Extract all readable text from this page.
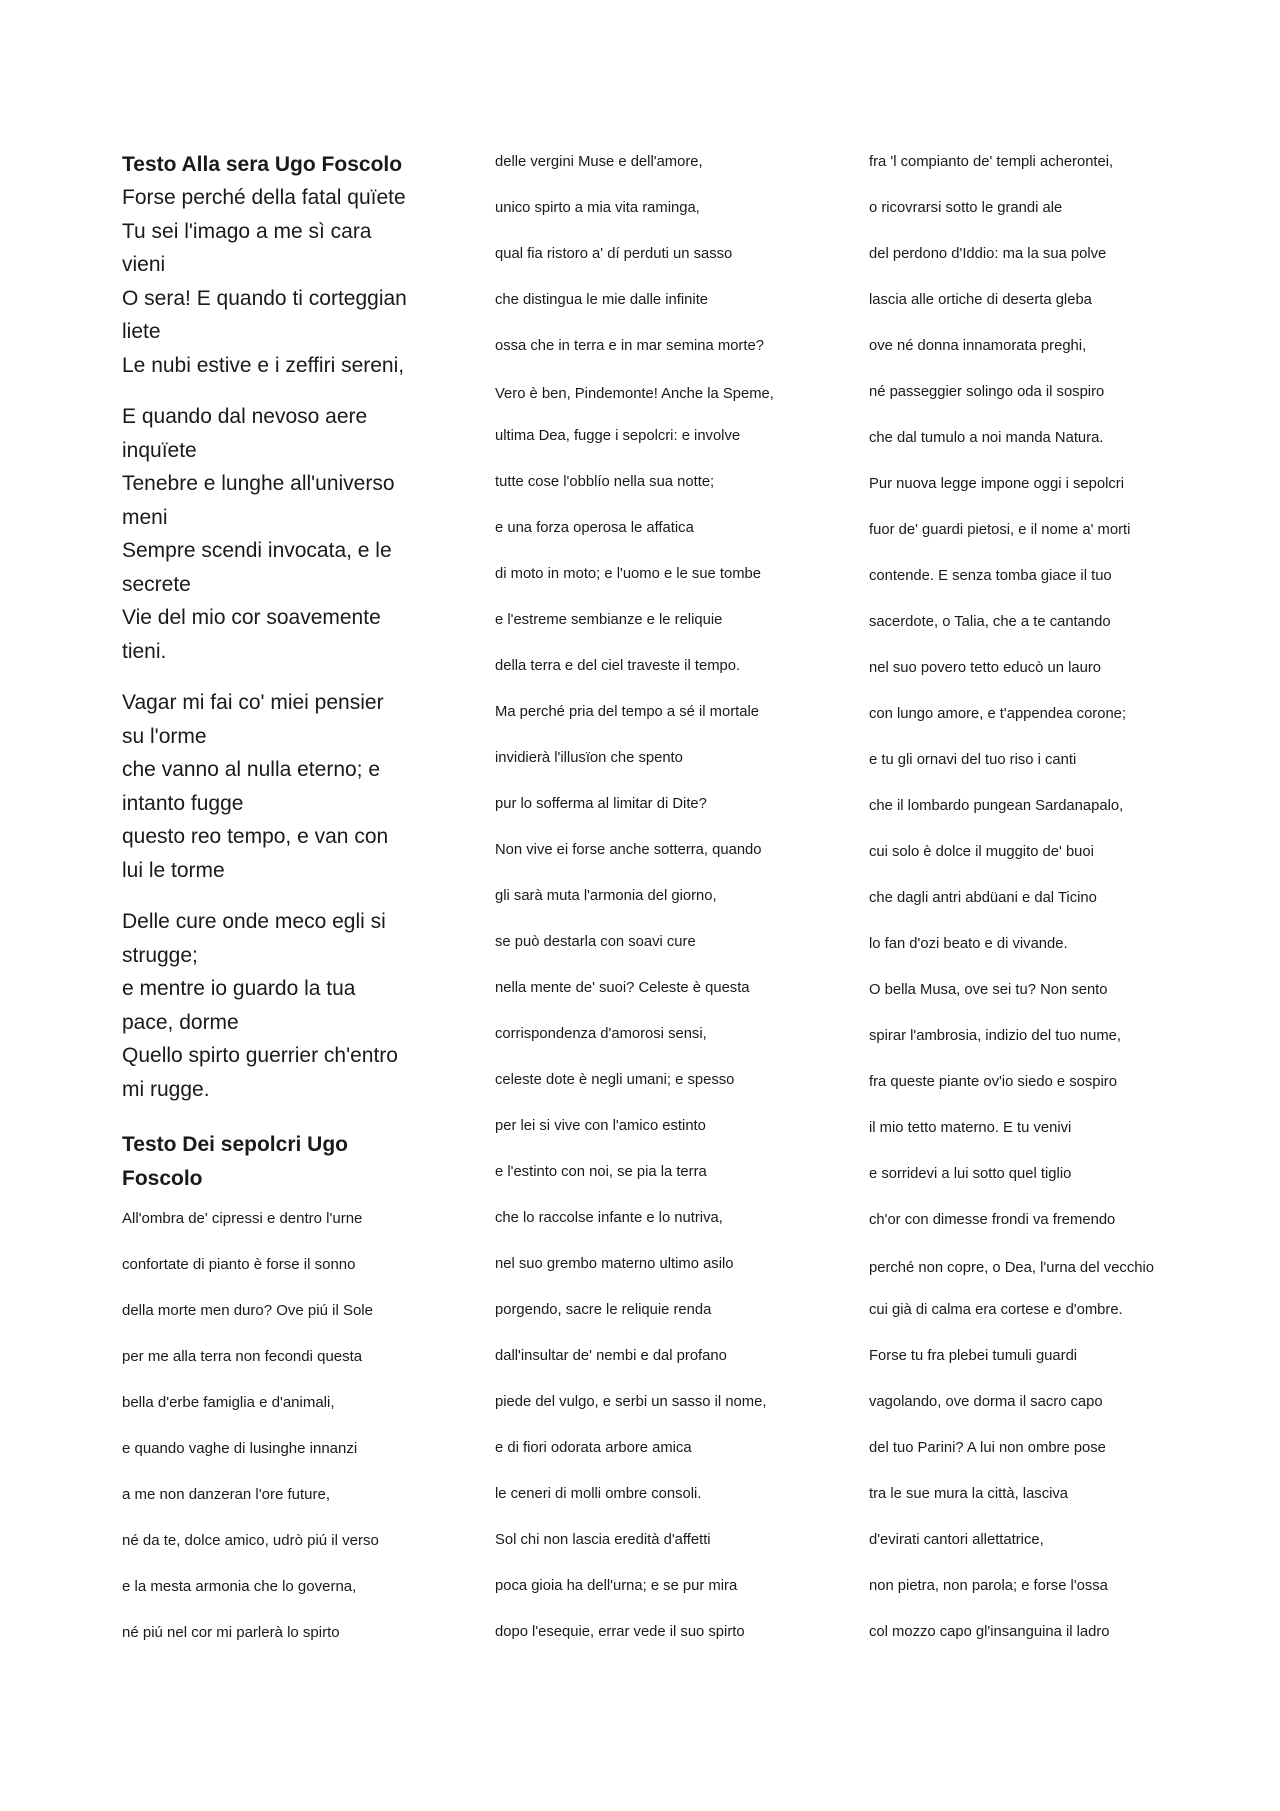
Testo Alla sera Ugo Foscolo

Forse perché della fatal quïete
Tu sei l'imago a me sì cara
vieni
O sera! E quando ti corteggian
liete
Le nubi estive e i zeffiri sereni,
E quando dal nevoso aere
inquïete
Tenebre e lunghe all'universo
meni
Sempre scendi invocata, e le
secrete
Vie del mio cor soavemente
tieni.
Vagar mi fai co' miei pensier
su l'orme
che vanno al nulla eterno; e
intanto fugge
questo reo tempo, e van con
lui le torme
Delle cure onde meco egli si
strugge;
e mentre io guardo la tua
pace, dorme
Quello spirto guerrier ch'entro
mi rugge.
Testo Dei sepolcri Ugo
Foscolo
All'ombra de' cipressi e dentro l'urne
confortate di pianto è forse il sonno
della morte men duro? Ove piú il Sole
per me alla terra non fecondi questa
bella d'erbe famiglia e d'animali,
e quando vaghe di lusinghe innanzi
a me non danzeran l'ore future,
né da te, dolce amico, udrò piú il verso
e la mesta armonia che lo governa,
né piú nel cor mi parlerà lo spirto
delle vergini Muse e dell'amore,
unico spirto a mia vita raminga,
qual fia ristoro a' dí perduti un sasso
che distingua le mie dalle infinite
ossa che in terra e in mar semina morte?
Vero è ben, Pindemonte! Anche la Speme,
ultima Dea, fugge i sepolcri: e involve
tutte cose l'obblío nella sua notte;
e una forza operosa le affatica
di moto in moto; e l'uomo e le sue tombe
e l'estreme sembianze e le reliquie
della terra e del ciel traveste il tempo.
Ma perché pria del tempo a sé il mortale
invidierà l'illusïon che spento
pur lo sofferma al limitar di Dite?
Non vive ei forse anche sotterra, quando
gli sarà muta l'armonia del giorno,
se può destarla con soavi cure
nella mente de' suoi? Celeste è questa
corrispondenza d'amorosi sensi,
celeste dote è negli umani; e spesso
per lei si vive con l'amico estinto
e l'estinto con noi, se pia la terra
che lo raccolse infante e lo nutriva,
nel suo grembo materno ultimo asilo
porgendo, sacre le reliquie renda
dall'insultar de' nembi e dal profano
piede del vulgo, e serbi un sasso il nome,
e di fiori odorata arbore amica
le ceneri di molli ombre consoli.
Sol chi non lascia eredità d'affetti
poca gioia ha dell'urna; e se pur mira
dopo l'esequie, errar vede il suo spirto
fra 'l compianto de' templi acherontei,
o ricovrarsi sotto le grandi ale
del perdono d'Iddio: ma la sua polve
lascia alle ortiche di deserta gleba
ove né donna innamorata preghi,
né passeggier solingo oda il sospiro
che dal tumulo a noi manda Natura.
Pur nuova legge impone oggi i sepolcri
fuor de' guardi pietosi, e il nome a' morti
contende. E senza tomba giace il tuo
sacerdote, o Talia, che a te cantando
nel suo povero tetto educò un lauro
con lungo amore, e t'appendea corone;
e tu gli ornavi del tuo riso i canti
che il lombardo pungean Sardanapalo,
cui solo è dolce il muggito de' buoi
che dagli antri abdüani e dal Ticino
lo fan d'ozi beato e di vivande.
O bella Musa, ove sei tu? Non sento
spirar l'ambrosia, indizio del tuo nume,
fra queste piante ov'io siedo e sospiro
il mio tetto materno. E tu venivi
e sorridevi a lui sotto quel tiglio
ch'or con dimesse frondi va fremendo
perché non copre, o Dea, l'urna del vecchio
cui già di calma era cortese e d'ombre.
Forse tu fra plebei tumuli guardi
vagolando, ove dorma il sacro capo
del tuo Parini? A lui non ombre pose
tra le sue mura la città, lasciva
d'evirati cantori allettatrice,
non pietra, non parola; e forse l'ossa
col mozzo capo gl'insanguina il ladro
